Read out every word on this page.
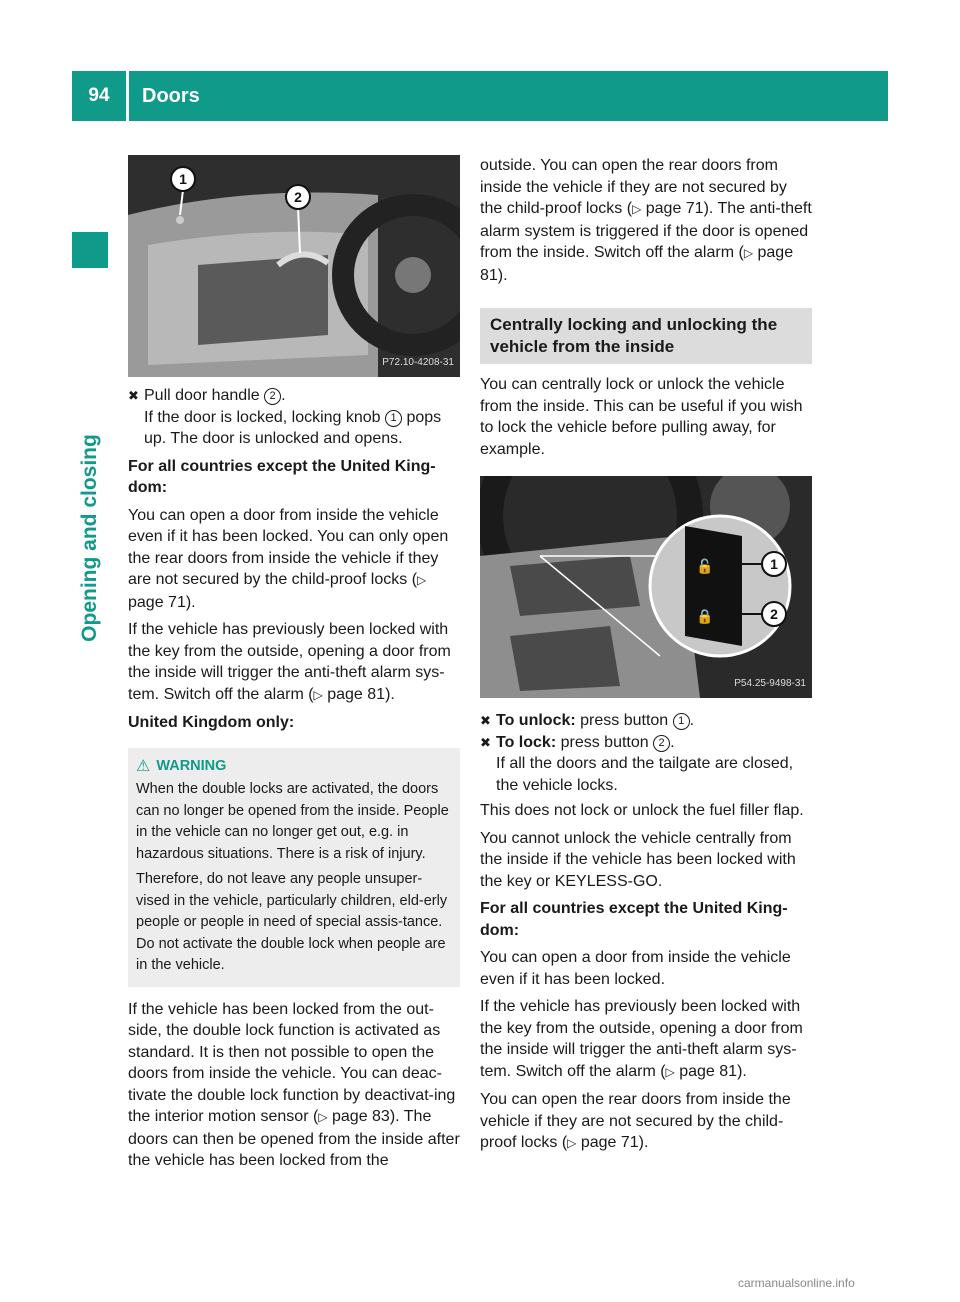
94	Doors
Opening and closing
1
2
P72.10-4208-31
✖ Pull door handle 2 .
If the door is locked, locking knob 1 pops up. The door is unlocked and opens.

For all countries except the United King-dom:

You can open a door from inside the vehicle even if it has been locked. You can only open the rear doors from inside the vehicle if they are not secured by the child-proof locks (▷ page 71).

If the vehicle has previously been locked with the key from the outside, opening a door from the inside will trigger the anti-theft alarm sys-tem. Switch off the alarm (▷ page 81).

United Kingdom only:

⚠ WARNING

When the double locks are activated, the doors can no longer be opened from the inside. People in the vehicle can no longer get out, e.g. in hazardous situations. There is a risk of injury.

Therefore, do not leave any people unsuper-vised in the vehicle, particularly children, eld-erly people or people in need of special assis-tance. Do not activate the double lock when people are in the vehicle.

If the vehicle has been locked from the out-side, the double lock function is activated as standard. It is then not possible to open the doors from inside the vehicle. You can deac-tivate the double lock function by deactivat-ing the interior motion sensor (▷ page 83). The doors can then be opened from the inside after the vehicle has been locked from the

outside. You can open the rear doors from inside the vehicle if they are not secured by the child-proof locks (▷ page 71). The anti-theft alarm system is triggered if the door is opened from the inside. Switch off the alarm (▷ page 81).

Centrally locking and unlocking the vehicle from the inside

You can centrally lock or unlock the vehicle from the inside. This can be useful if you wish to lock the vehicle before pulling away, for example.

🔓
🔒
1
2
P54.25-9498-31
✖ To unlock: press button 1 .
✖ To lock: press button 2 .
If all the doors and the tailgate are closed, the vehicle locks.

This does not lock or unlock the fuel filler flap.

You cannot unlock the vehicle centrally from the inside if the vehicle has been locked with the key or KEYLESS-GO.

For all countries except the United King-dom:

You can open a door from inside the vehicle even if it has been locked.

If the vehicle has previously been locked with the key from the outside, opening a door from the inside will trigger the anti-theft alarm sys-tem. Switch off the alarm (▷ page 81).

You can open the rear doors from inside the vehicle if they are not secured by the child-proof locks (▷ page 71).

carmanualsonline.info
